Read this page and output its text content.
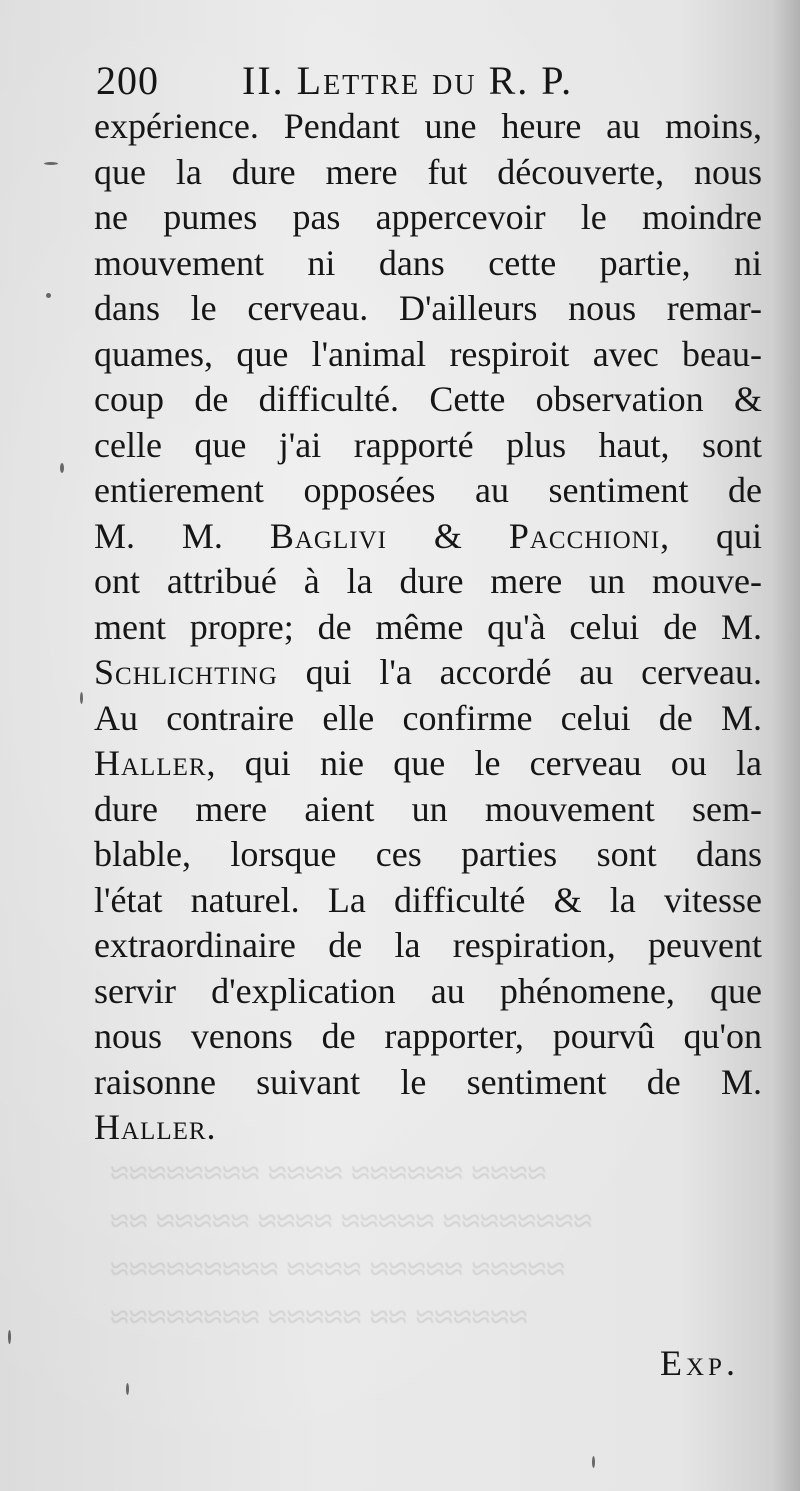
200 II. Lettre du R. P.
expérience. Pendant une heure au moins,
que la dure mere fut découverte, nous
ne pumes pas appercevoir le moindre
mouvement ni dans cette partie, ni
dans le cerveau. D'ailleurs nous remar-
quames, que l'animal respiroit avec beau-
coup de difficulté. Cette observation &
celle que j'ai rapporté plus haut, sont
entierement opposées au sentiment de
M. M. Baglivi & Pacchioni, qui
ont attribué à la dure mere un mouve-
ment propre; de même qu'à celui de M.
Schlichting qui l'a accordé au cerveau.
Au contraire elle confirme celui de M.
Haller, qui nie que le cerveau ou la
dure mere aient un mouvement sem-
blable, lorsque ces parties sont dans
l'état naturel. La difficulté & la vitesse
extraordinaire de la respiration, peuvent
servir d'explication au phénomene, que
nous venons de rapporter, pourvû qu'on
raisonne suivant le sentiment de M.
Haller.
≈≈≈≈ ≈≈≈≈≈≈ ≈≈≈≈ ≈≈≈≈≈≈≈≈
≈≈≈≈≈≈≈≈ ≈≈≈≈≈ ≈≈≈≈ ≈≈≈≈≈ ≈≈
≈≈≈≈≈ ≈≈≈≈≈ ≈≈≈≈ ≈≈≈≈≈≈≈≈≈
≈≈≈≈≈≈ ≈≈ ≈≈≈≈≈ ≈≈≈≈≈≈≈≈
Exp.
